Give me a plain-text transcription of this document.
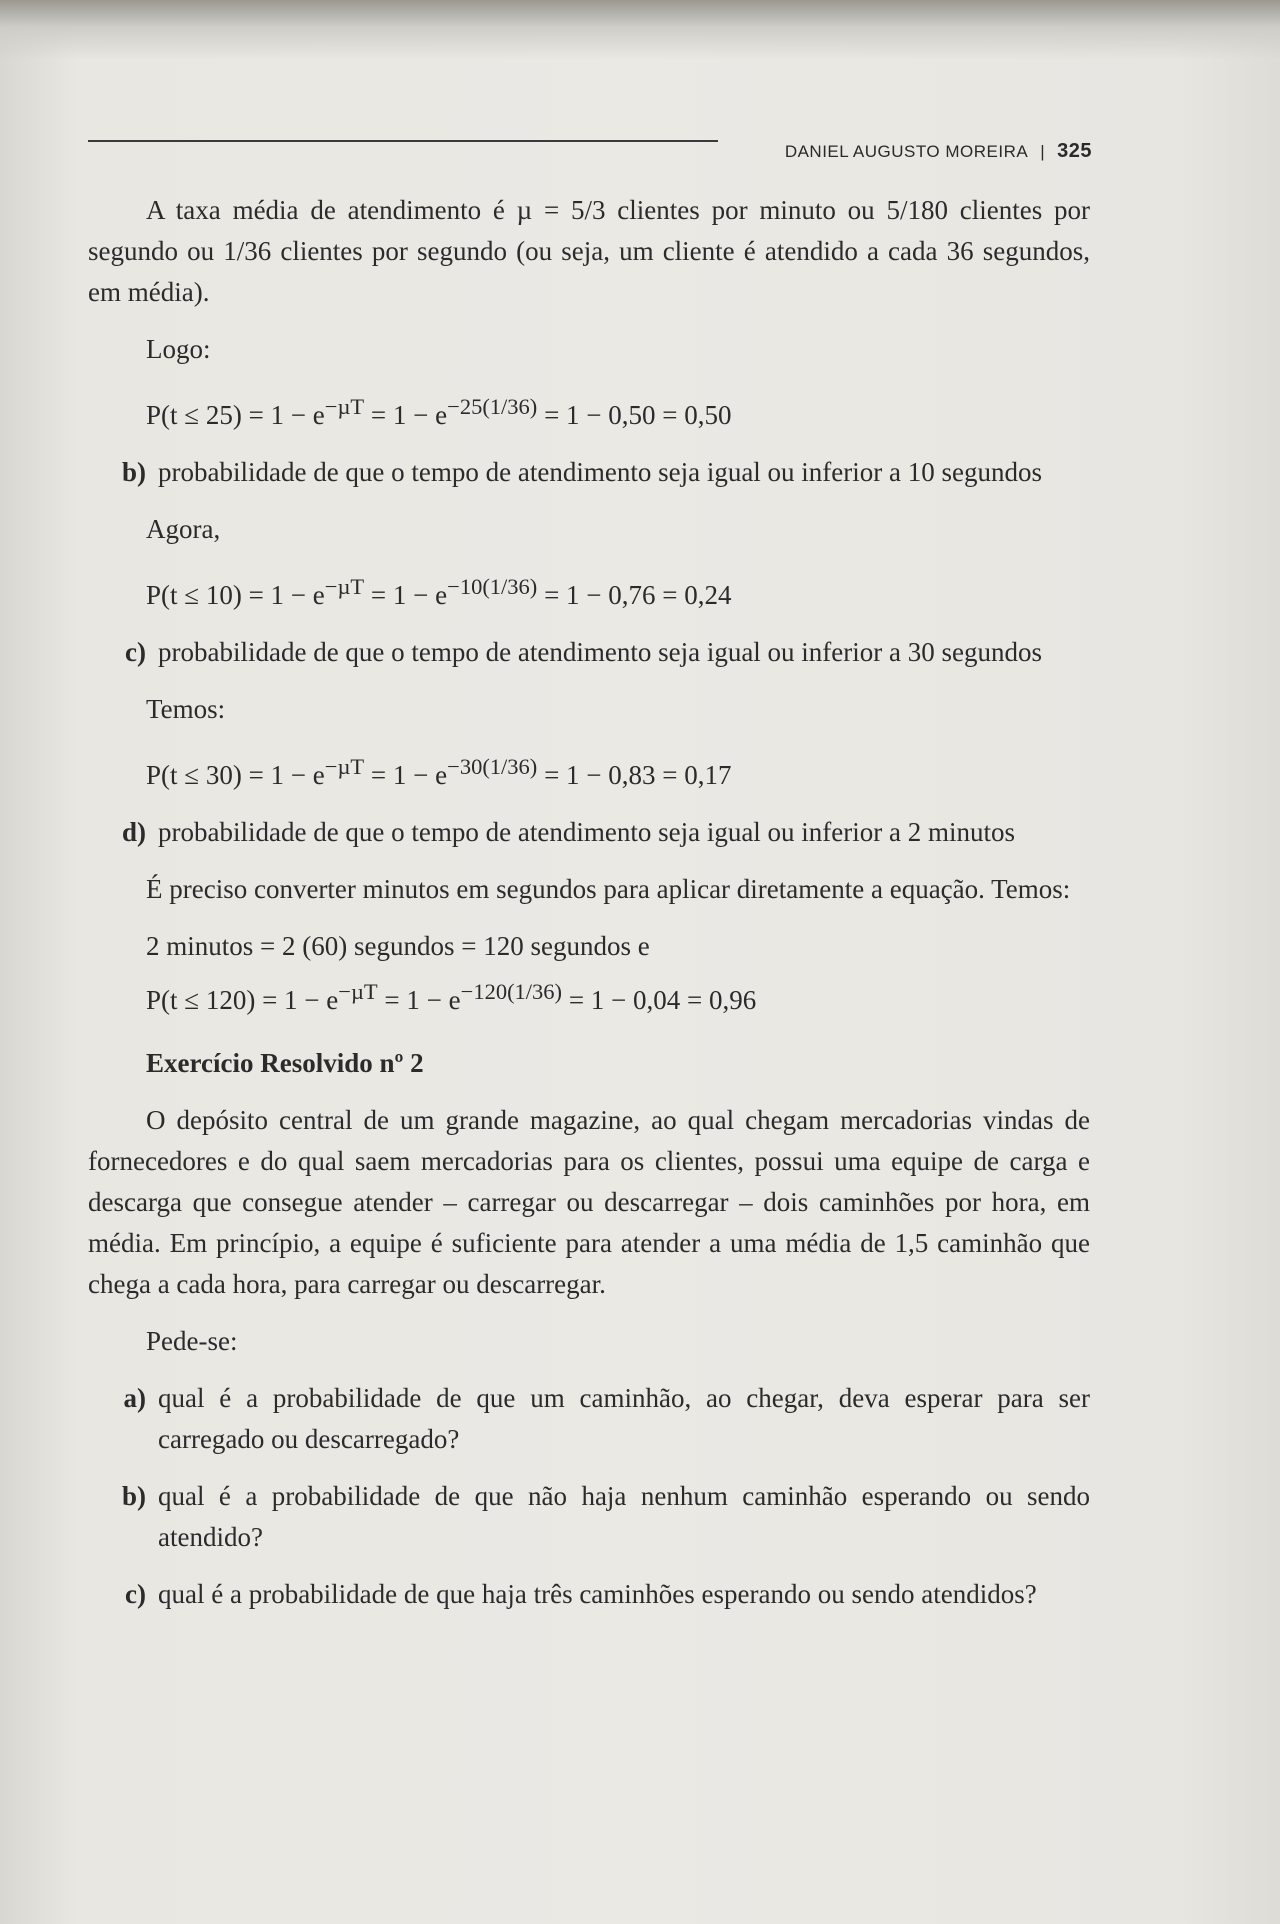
DANIEL AUGUSTO MOREIRA | 325

A taxa média de atendimento é µ = 5/3 clientes por minuto ou 5/180 clientes por segundo ou 1/36 clientes por segundo (ou seja, um cliente é atendido a cada 36 segundos, em média).

Logo:

$P(t \le 25) = 1 - e^{-\mu T} = 1 - e^{-25(1/36)} = 1 - 0,50 = 0,50$

b) probabilidade de que o tempo de atendimento seja igual ou inferior a 10 segundos

Agora,

$P(t \le 10) = 1 - e^{-\mu T} = 1 - e^{-10(1/36)} = 1 - 0,76 = 0,24$

c) probabilidade de que o tempo de atendimento seja igual ou inferior a 30 segundos

Temos:

$P(t \le 30) = 1 - e^{-\mu T} = 1 - e^{-30(1/36)} = 1 - 0,83 = 0,17$

d) probabilidade de que o tempo de atendimento seja igual ou inferior a 2 minutos

É preciso converter minutos em segundos para aplicar diretamente a equação. Temos:

2 minutos = 2 (60) segundos = 120 segundos e

$P(t \le 120) = 1 - e^{-\mu T} = 1 - e^{-120(1/36)} = 1 - 0,04 = 0,96$

Exercício Resolvido nº 2

O depósito central de um grande magazine, ao qual chegam mercadorias vindas de fornecedores e do qual saem mercadorias para os clientes, possui uma equipe de carga e descarga que consegue atender – carregar ou descarregar – dois caminhões por hora, em média. Em princípio, a equipe é suficiente para atender a uma média de 1,5 caminhão que chega a cada hora, para carregar ou descarregar.

Pede-se:

a) qual é a probabilidade de que um caminhão, ao chegar, deva esperar para ser carregado ou descarregado?
b) qual é a probabilidade de que não haja nenhum caminhão esperando ou sendo atendido?
c) qual é a probabilidade de que haja três caminhões esperando ou sendo atendidos?
